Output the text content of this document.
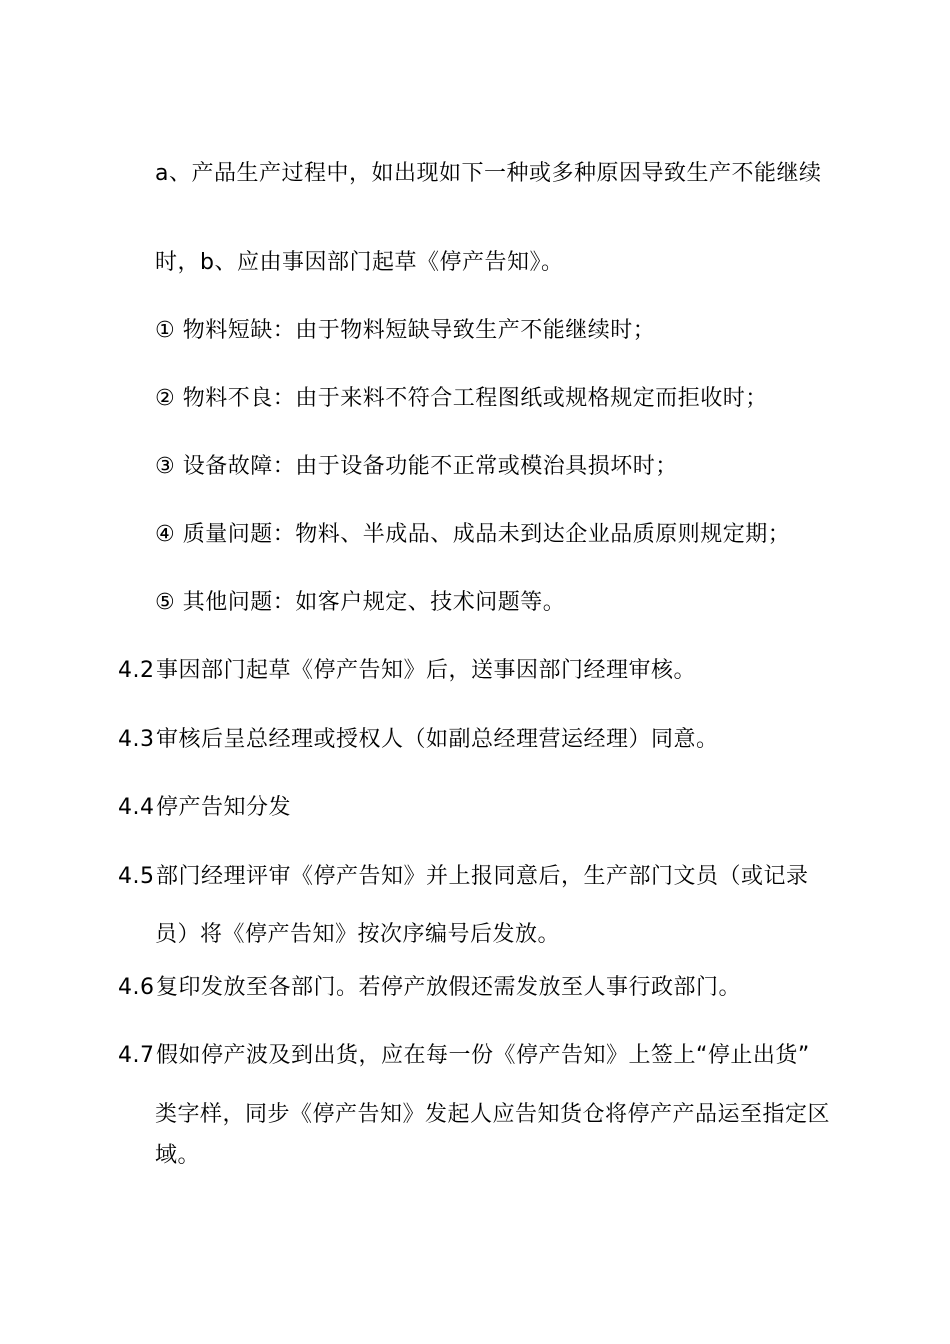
a、产品生产过程中，如出现如下一种或多种原因导致生产不能继续
时，b、应由事因部门起草《停产告知》。
① 物料短缺：由于物料短缺导致生产不能继续时；
② 物料不良：由于来料不符合工程图纸或规格规定而拒收时；
③ 设备故障：由于设备功能不正常或模治具损坏时；
④ 质量问题：物料、半成品、成品未到达企业品质原则规定期；
⑤ 其他问题：如客户规定、技术问题等。
4.2事因部门起草《停产告知》后，送事因部门经理审核。
4.3审核后呈总经理或授权人（如副总经理营运经理）同意。
4.4停产告知分发
4.5部门经理评审《停产告知》并上报同意后，生产部门文员（或记录
员）将《停产告知》按次序编号后发放。
4.6复印发放至各部门。若停产放假还需发放至人事行政部门。
4.7假如停产波及到出货，应在每一份《停产告知》上签上“停止出货”
类字样，同步《停产告知》发起人应告知货仓将停产产品运至指定区
域。
